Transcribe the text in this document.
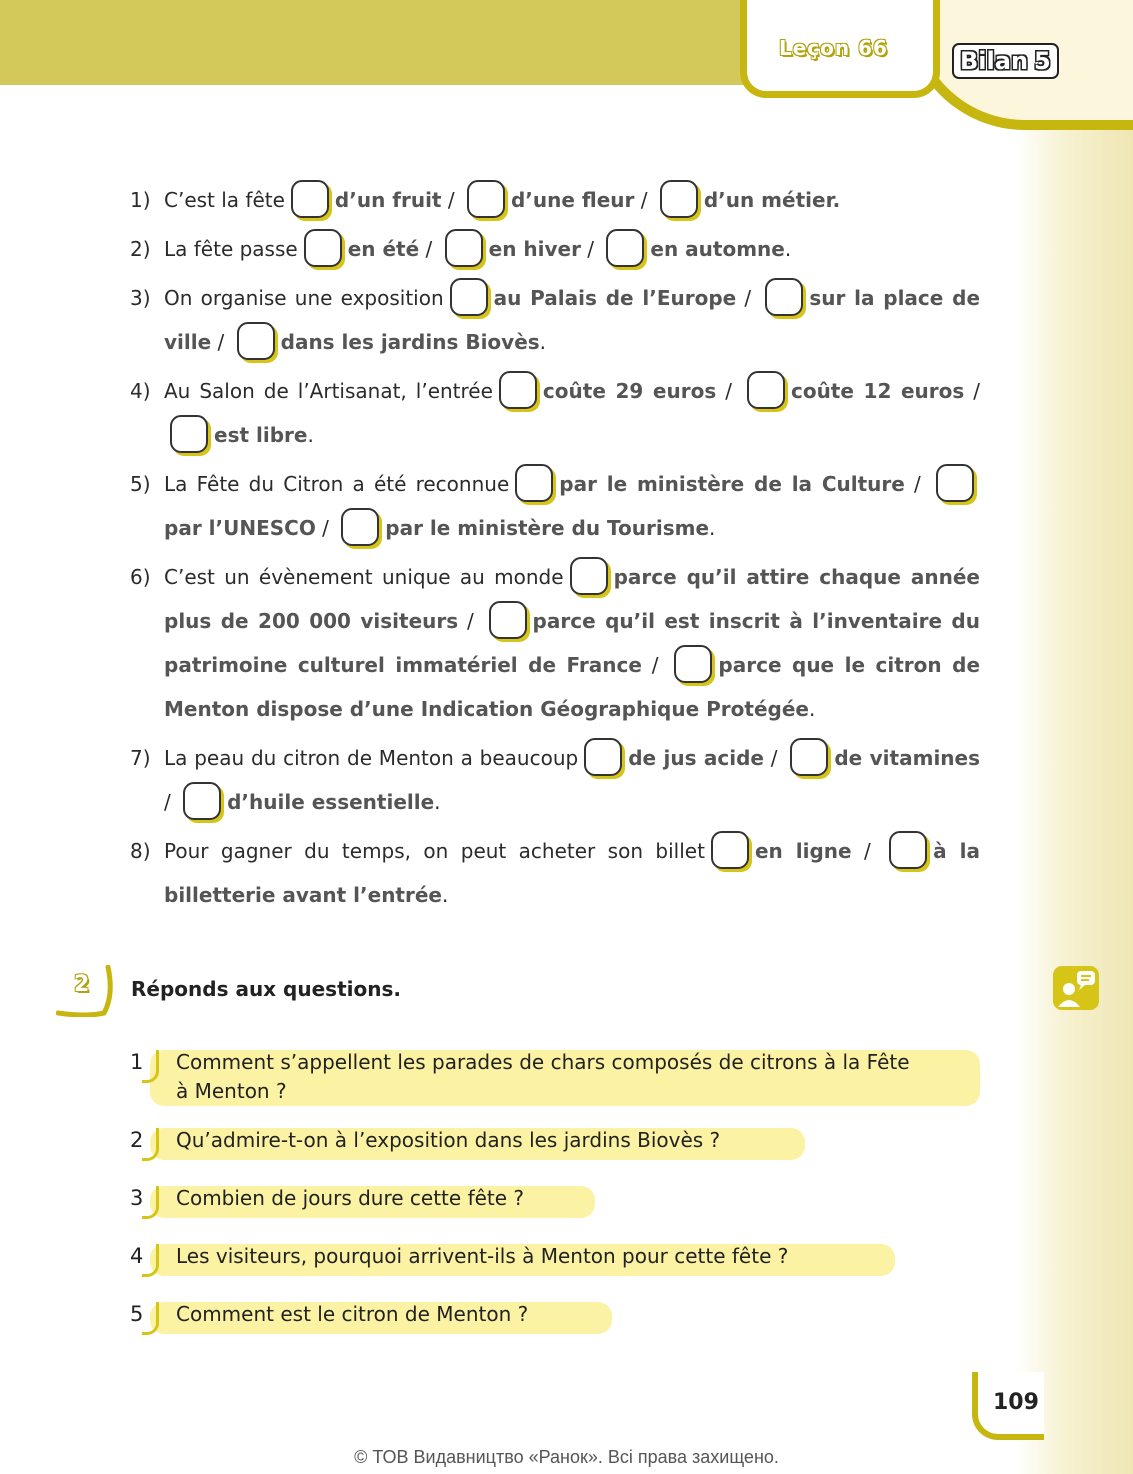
Leçon 66	Bilan 5
1) C’est la fête	d’un fruit /	d’une fleur /	d’un métier.
2) La fête passe	en été /	en hiver /	en automne.
3) On organise une exposition	au Palais de l’Europe /	sur la place de ville /	dans les jardins Biovès.
4) Au Salon de l’Artisanat, l’entrée	coûte 29 euros /	coûte 12 euros / est libre.
5) La Fête du Citron a été reconnue	par le ministère de la Culture / par l’UNESCO /	par le ministère du Tourisme.
6) C’est un évènement unique au monde	parce qu’il attire chaque année plus de 200 000 visiteurs /	parce qu’il est inscrit à l’inventaire du patrimoine culturel immatériel de France /	parce que le citron de Menton dispose d’une Indication Géographique Protégée.
7) La peau du citron de Menton a beaucoup	de jus acide /	de vitamines /	d’huile essentielle.
8) Pour gagner du temps, on peut acheter son billet	en ligne /	à la billetterie avant l’entrée.
2 Réponds aux questions.
1 Comment s’appellent les parades de chars composés de citrons à la Fête à Menton ?
2 Qu’admire-t-on à l’exposition dans les jardins Biovès ?
3 Combien de jours dure cette fête ?
4 Les visiteurs, pourquoi arrivent-ils à Menton pour cette fête ?
5 Comment est le citron de Menton ?
109
© ТОВ Видавництво «Ранок». Всі права захищено.
